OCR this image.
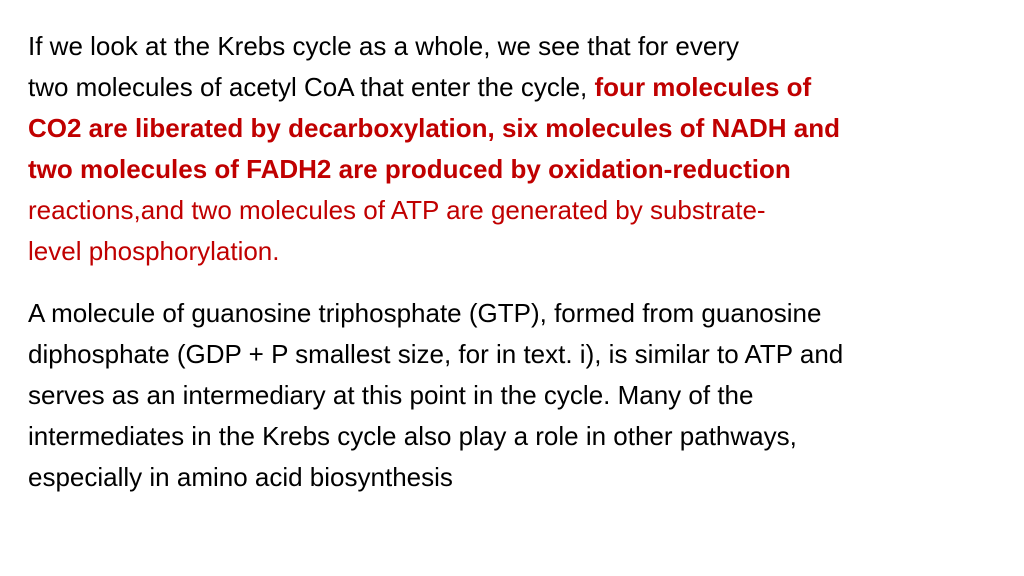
If we look at the Krebs cycle as a whole, we see that for every
two molecules of acetyl CoA that enter the cycle, four molecules of
CO2 are liberated by decarboxylation, six molecules of NADH and
two molecules of FADH2 are produced by oxidation-reduction
reactions,and two molecules of ATP are generated by substrate-
level phosphorylation.

A molecule of guanosine triphosphate (GTP), formed from guanosine
diphosphate (GDP + P smallest size, for in text. i), is similar to ATP and
serves as an intermediary at this point in the cycle. Many of the
intermediates in the Krebs cycle also play a role in other pathways,
especially in amino acid biosynthesis
